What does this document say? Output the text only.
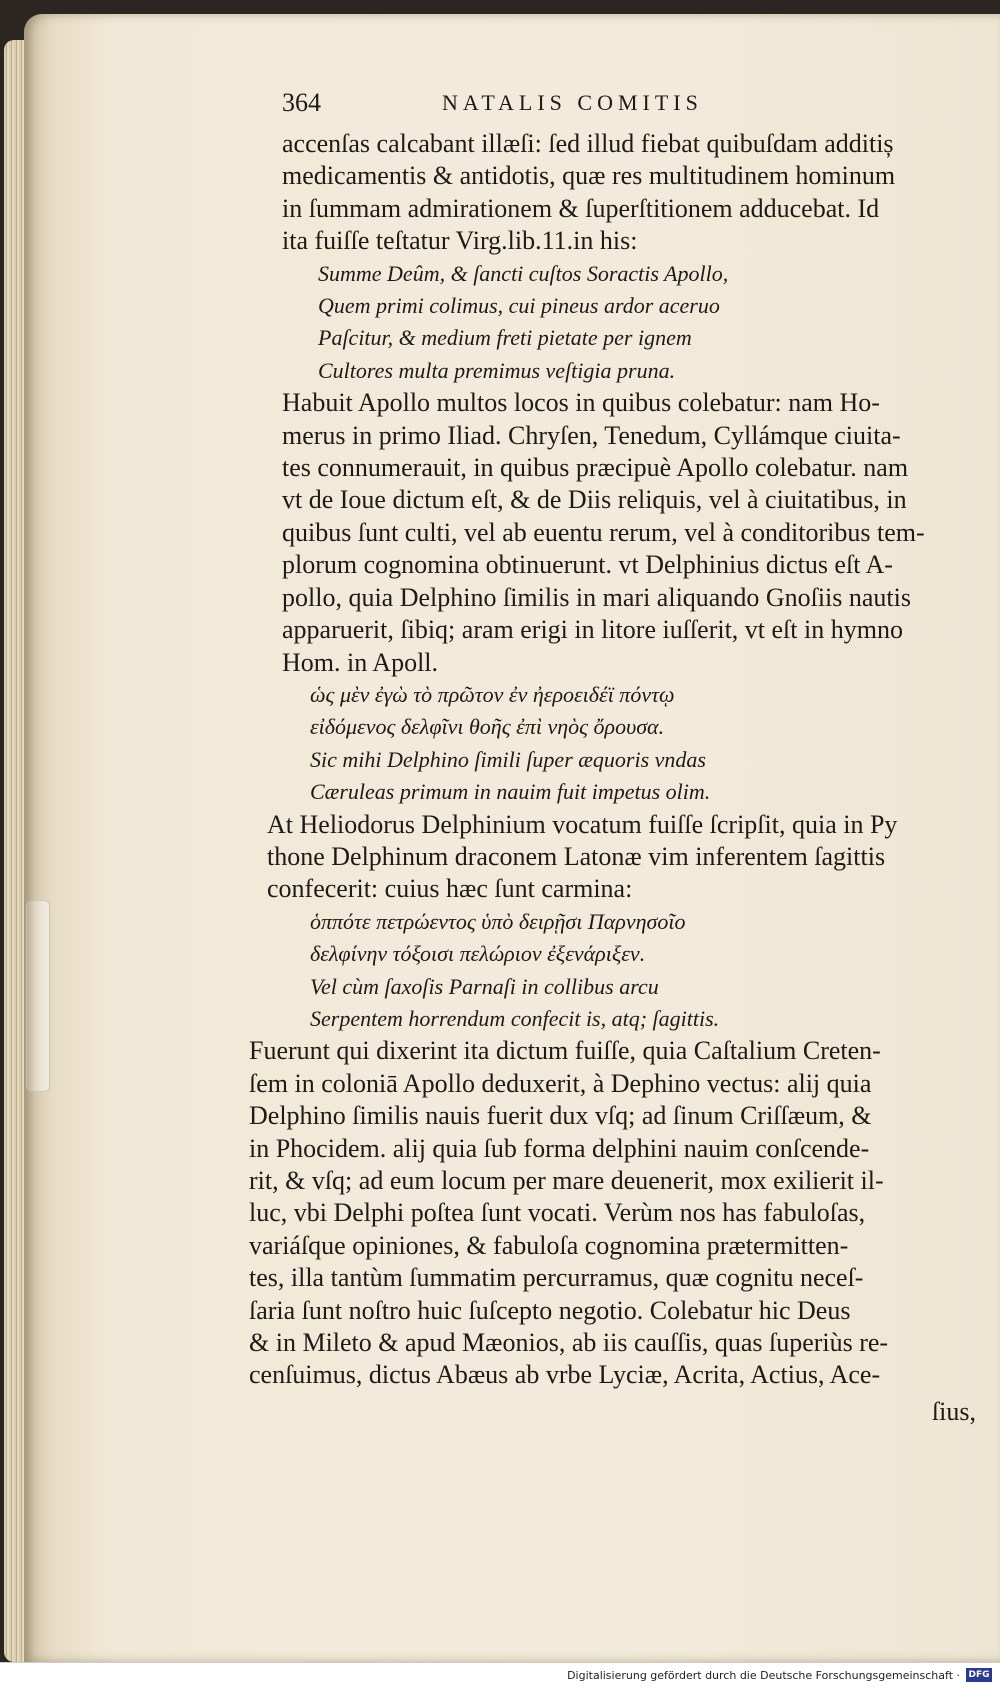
364	NATALIS COMITIS
accenſas calcabant illæſi: ſed illud fiebat quibuſdam additiș
medicamentis & antidotis, quæ res multitudinem hominum
in ſummam admirationem & ſuperſtitionem adducebat. Id
ita fuiſſe teſtatur Virg.lib.11.in his:
Summe Deûm, & ſancti cuſtos Soractis Apollo,
Quem primi colimus, cui pineus ardor aceruo
Paſcitur, & medium freti pietate per ignem
Cultores multa premimus veſtigia pruna.
Habuit Apollo multos locos in quibus colebatur: nam Ho-
merus in primo Iliad. Chryſen, Tenedum, Cyllámque ciuita-
tes connumerauit, in quibus præcipuè Apollo colebatur. nam
vt de Ioue dictum eſt, & de Diis reliquis, vel à ciuitatibus, in
quibus ſunt culti, vel ab euentu rerum, vel à conditoribus tem-
plorum cognomina obtinuerunt. vt Delphinius dictus eſt A-
pollo, quia Delphino ſimilis in mari aliquando Gnoſiis nautis
apparuerit, ſibiq; aram erigi in litore iuſſerit, vt eſt in hymno
Hom. in Apoll.
ὡς μὲν ἐγὼ τὸ πρῶτον ἐν ἠεροειδέϊ πόντῳ
εἰδόμενος δελφῖνι θοῆς ἐπὶ νηὸς ὄρουσα.
Sic mihi Delphino ſimili ſuper æquoris vndas
Cæruleas primum in nauim fuit impetus olim.
At Heliodorus Delphinium vocatum fuiſſe ſcripſit, quia in Py
thone Delphinum draconem Latonæ vim inferentem ſagittis
confecerit: cuius hæc ſunt carmina:
ὁππότε πετρώεντος ὑπὸ δειρῇσι Παρνησοῖο
δελφίνην τόξοισι πελώριον ἐξενάριξεν.
Vel cùm ſaxoſis Parnaſi in collibus arcu
Serpentem horrendum confecit is, atq; ſagittis.
Fuerunt qui dixerint ita dictum fuiſſe, quia Caſtalium Creten-
ſem in coloniā Apollo deduxerit, à Dephino vectus: alij quia
Delphino ſimilis nauis fuerit dux vſq; ad ſinum Criſſæum, &
in Phocidem. alij quia ſub forma delphini nauim conſcende-
rit, & vſq; ad eum locum per mare deuenerit, mox exilierit il-
luc, vbi Delphi poſtea ſunt vocati. Verùm nos has fabuloſas,
variáſque opiniones, & fabuloſa cognomina prætermitten-
tes, illa tantùm ſummatim percurramus, quæ cognitu neceſ-
ſaria ſunt noſtro huic ſuſcepto negotio. Colebatur hic Deus
& in Mileto & apud Mæonios, ab iis cauſſis, quas ſuperiùs re-
cenſuimus, dictus Abæus ab vrbe Lyciæ, Acrita, Actius, Ace-
ſius,
Digitalisierung gefördert durch die Deutsche Forschungsgemeinschaft · DFG
